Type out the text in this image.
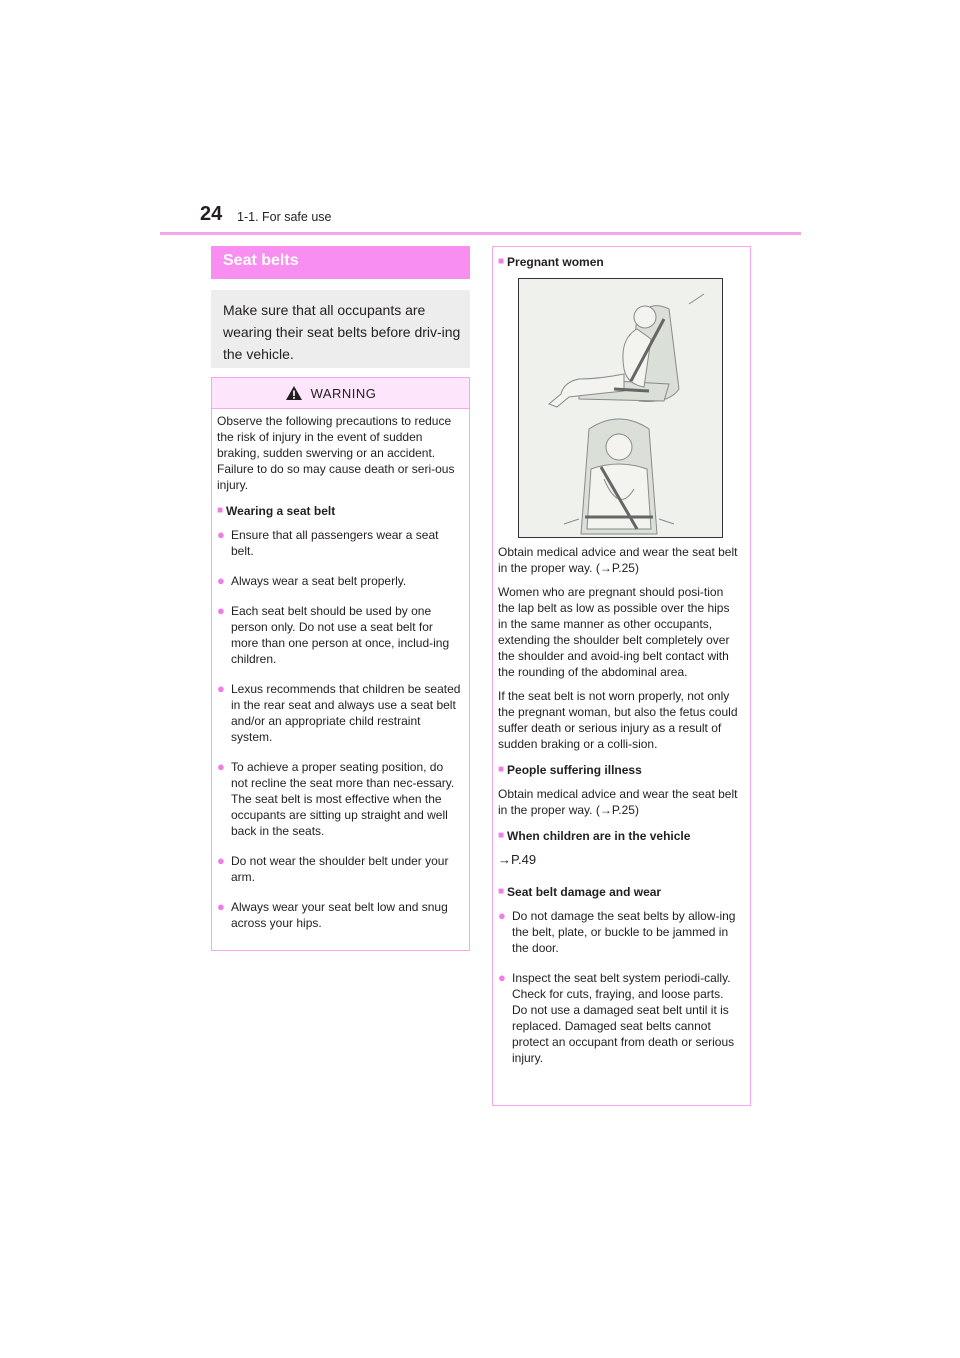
24 1-1. For safe use
Seat belts
Make sure that all occupants are wearing their seat belts before driv-ing the vehicle.
WARNING

Observe the following precautions to reduce the risk of injury in the event of sudden braking, sudden swerving or an accident.

Failure to do so may cause death or seri-ous injury.

■ Wearing a seat belt
● Ensure that all passengers wear a seat belt.
● Always wear a seat belt properly.
● Each seat belt should be used by one person only. Do not use a seat belt for more than one person at once, includ-ing children.
● Lexus recommends that children be seated in the rear seat and always use a seat belt and/or an appropriate child restraint system.
● To achieve a proper seating position, do not recline the seat more than nec-essary. The seat belt is most effective when the occupants are sitting up straight and well back in the seats.
● Do not wear the shoulder belt under your arm.
● Always wear your seat belt low and snug across your hips.
■ Pregnant women

Obtain medical advice and wear the seat belt in the proper way. (→P.25)

Women who are pregnant should posi-tion the lap belt as low as possible over the hips in the same manner as other occupants, extending the shoulder belt completely over the shoulder and avoid-ing belt contact with the rounding of the abdominal area.

If the seat belt is not worn properly, not only the pregnant woman, but also the fetus could suffer death or serious injury as a result of sudden braking or a colli-sion.

■ People suffering illness

Obtain medical advice and wear the seat belt in the proper way. (→P.25)

■ When children are in the vehicle

→P.49

■ Seat belt damage and wear
● Do not damage the seat belts by allow-ing the belt, plate, or buckle to be jammed in the door.
● Inspect the seat belt system periodi-cally. Check for cuts, fraying, and loose parts. Do not use a damaged seat belt until it is replaced. Damaged seat belts cannot protect an occupant from death or serious injury.
